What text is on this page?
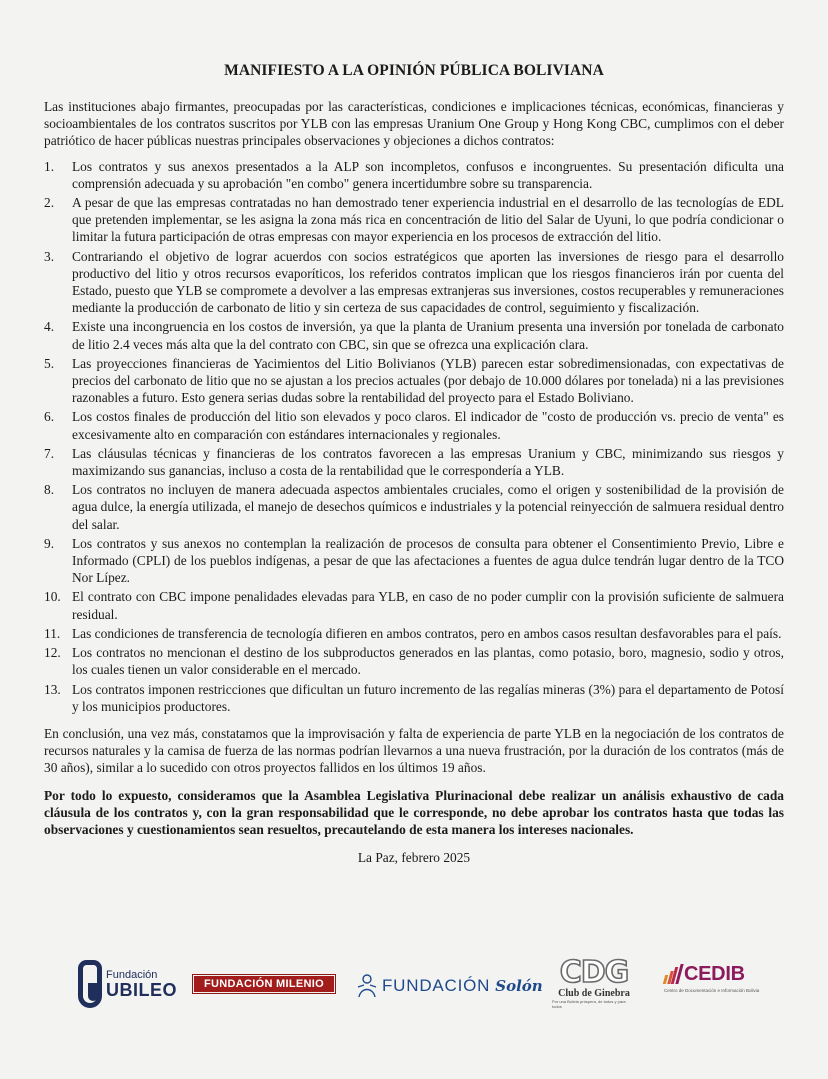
MANIFIESTO A LA OPINIÓN PÚBLICA BOLIVIANA

Las instituciones abajo firmantes, preocupadas por las características, condiciones e implicaciones técnicas, económicas, financieras y socioambientales de los contratos suscritos por YLB con las empresas Uranium One Group y Hong Kong CBC, cumplimos con el deber patriótico de hacer públicas nuestras principales observaciones y objeciones a dichos contratos:

1.	Los contratos y sus anexos presentados a la ALP son incompletos, confusos e incongruentes. Su presentación dificulta una comprensión adecuada y su aprobación "en combo" genera incertidumbre sobre su transparencia.
2.	A pesar de que las empresas contratadas no han demostrado tener experiencia industrial en el desarrollo de las tecnologías de EDL que pretenden implementar, se les asigna la zona más rica en concentración de litio del Salar de Uyuni, lo que podría condicionar o limitar la futura participación de otras empresas con mayor experiencia en los procesos de extracción del litio.
3.	Contrariando el objetivo de lograr acuerdos con socios estratégicos que aporten las inversiones de riesgo para el desarrollo productivo del litio y otros recursos evaporíticos, los referidos contratos implican que los riesgos financieros irán por cuenta del Estado, puesto que YLB se compromete a devolver a las empresas extranjeras sus inversiones, costos recuperables y remuneraciones mediante la producción de carbonato de litio y sin certeza de sus capacidades de control, seguimiento y fiscalización.
4.	Existe una incongruencia en los costos de inversión, ya que la planta de Uranium presenta una inversión por tonelada de carbonato de litio 2.4 veces más alta que la del contrato con CBC, sin que se ofrezca una explicación clara.
5.	Las proyecciones financieras de Yacimientos del Litio Bolivianos (YLB) parecen estar sobredimensionadas, con expectativas de precios del carbonato de litio que no se ajustan a los precios actuales (por debajo de 10.000 dólares por tonelada) ni a las previsiones razonables a futuro. Esto genera serias dudas sobre la rentabilidad del proyecto para el Estado Boliviano.
6.	Los costos finales de producción del litio son elevados y poco claros. El indicador de "costo de producción vs. precio de venta" es excesivamente alto en comparación con estándares internacionales y regionales.
7.	Las cláusulas técnicas y financieras de los contratos favorecen a las empresas Uranium y CBC, minimizando sus riesgos y maximizando sus ganancias, incluso a costa de la rentabilidad que le correspondería a YLB.
8.	Los contratos no incluyen de manera adecuada aspectos ambientales cruciales, como el origen y sostenibilidad de la provisión de agua dulce, la energía utilizada, el manejo de desechos químicos e industriales y la potencial reinyección de salmuera residual dentro del salar.
9.	Los contratos y sus anexos no contemplan la realización de procesos de consulta para obtener el Consentimiento Previo, Libre e Informado (CPLI) de los pueblos indígenas, a pesar de que las afectaciones a fuentes de agua dulce tendrán lugar dentro de la TCO Nor Lípez.
10. El contrato con CBC impone penalidades elevadas para YLB, en caso de no poder cumplir con la provisión suficiente de salmuera residual.
11. Las condiciones de transferencia de tecnología difieren en ambos contratos, pero en ambos casos resultan desfavorables para el país.
12. Los contratos no mencionan el destino de los subproductos generados en las plantas, como potasio, boro, magnesio, sodio y otros, los cuales tienen un valor considerable en el mercado.
13. Los contratos imponen restricciones que dificultan un futuro incremento de las regalías mineras (3%) para el departamento de Potosí y los municipios productores.

En conclusión, una vez más, constatamos que la improvisación y falta de experiencia de parte YLB en la negociación de los contratos de recursos naturales y la camisa de fuerza de las normas podrían llevarnos a una nueva frustración, por la duración de los contratos (más de 30 años), similar a lo sucedido con otros proyectos fallidos en los últimos 19 años.

Por todo lo expuesto, consideramos que la Asamblea Legislativa Plurinacional debe realizar un análisis exhaustivo de cada cláusula de los contratos y, con la gran responsabilidad que le corresponde, no debe aprobar los contratos hasta que todas las observaciones y cuestionamientos sean resueltos, precautelando de esta manera los intereses nacionales.

La Paz, febrero 2025
Fundación
UBILEO	FUNDACIÓN MILENIO	FUNDACIÓN Solón CDG
Club de Ginebra
Por una Bolivia próspera, de todos y para todos
CEDIB
Centro de Documentación e Información Bolivia
